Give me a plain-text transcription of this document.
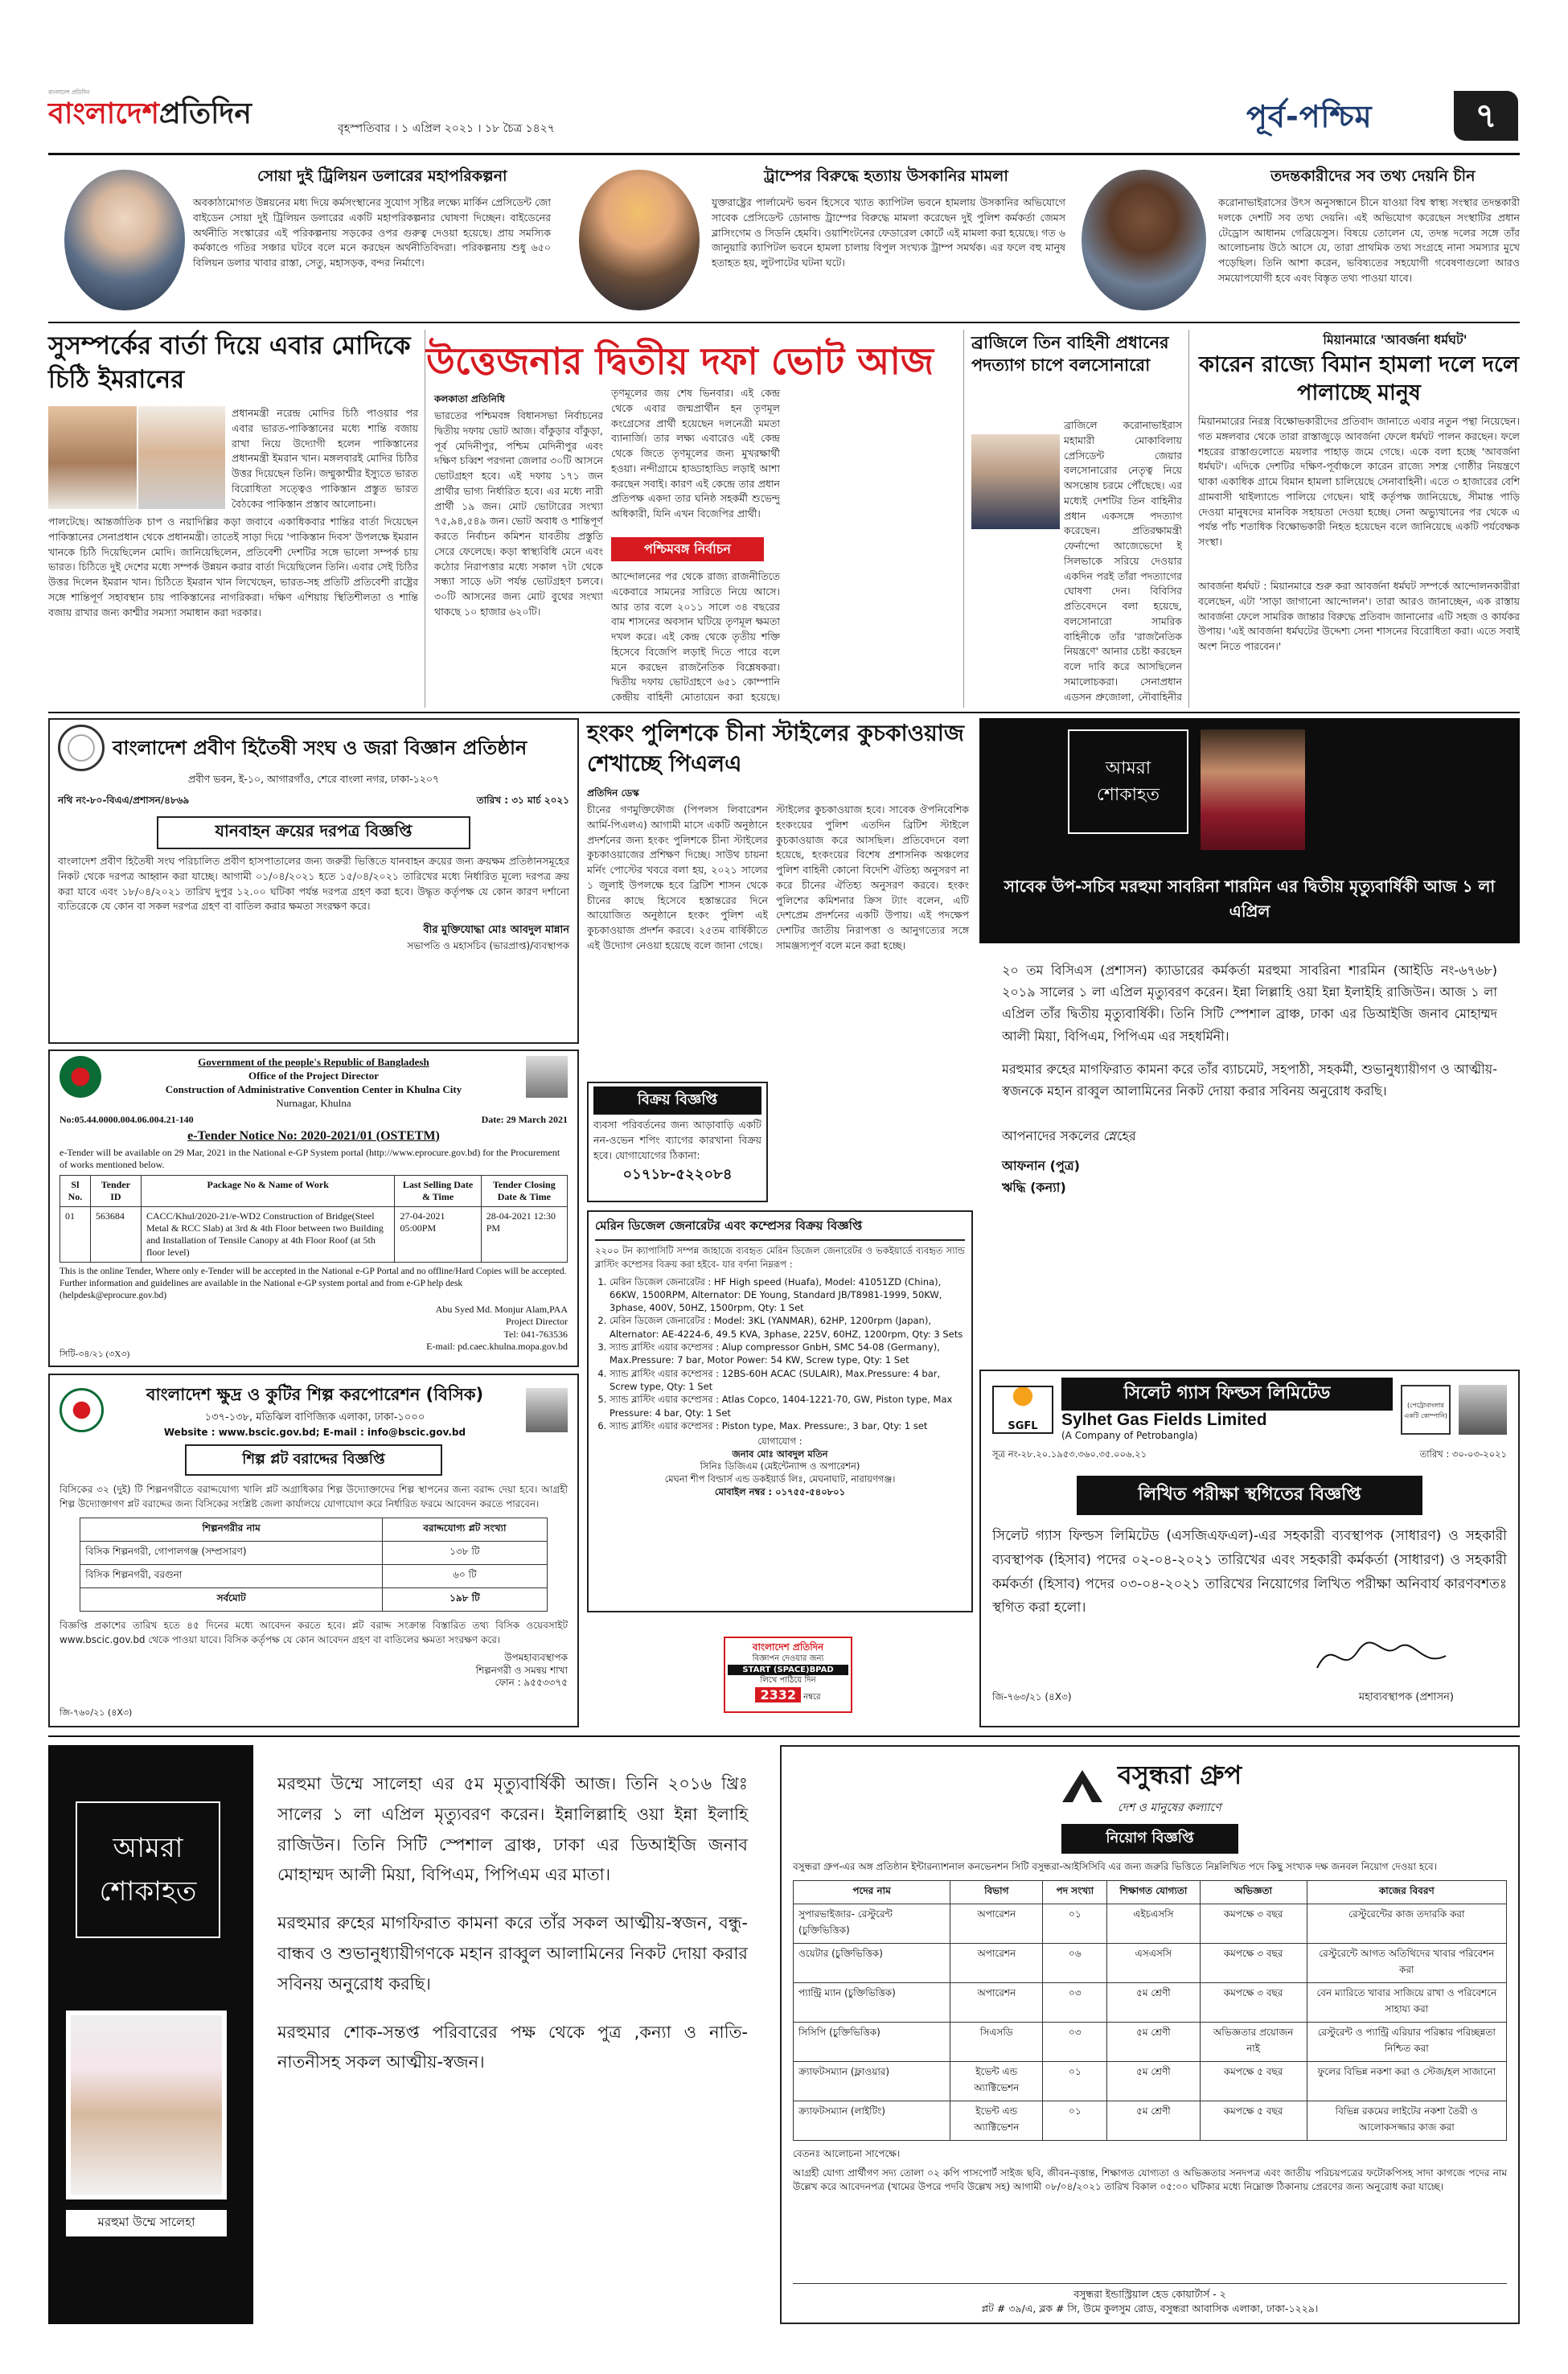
বাংলাদেশ প্রতিদিন
বাংলাদেশপ্রতিদিন	বৃহস্পতিবার । ১ এপ্রিল ২০২১ । ১৮ চৈত্র ১৪২৭	পূর্ব-পশ্চিম	৭
সোয়া দুই ট্রিলিয়ন ডলারের মহাপরিকল্পনা
অবকাঠামোগত উন্নয়নের মধ্য দিয়ে কর্মসংস্থানের সুযোগ সৃষ্টির লক্ষ্যে মার্কিন প্রেসিডেন্ট জো বাইডেন সোয়া দুই ট্রিলিয়ন ডলারের একটি মহাপরিকল্পনার ঘোষণা দিচ্ছেন। বাইডেনের অর্থনীতি সংস্কারের এই পরিকল্পনায় সড়কের ওপর গুরুত্ব দেওয়া হয়েছে। প্রায় সমস্যিক কর্মকাণ্ডে গতির সঞ্চার ঘটবে বলে মনে করছেন অর্থনীতিবিদরা। পরিকল্পনায় শুধু ৬৫০ বিলিয়ন ডলার খাবার রাস্তা, সেতু, মহাসড়ক, বন্দর নির্মাণে।
ট্রাম্পের বিরুদ্ধে হত্যায় উসকানির মামলা
যুক্তরাষ্ট্রের পার্লামেন্ট ভবন হিসেবে খ্যাত ক্যাপিটল ভবনে হামলায় উসকানির অভিযোগে সাবেক প্রেসিডেন্ট ডোনাল্ড ট্রাম্পের বিরুদ্ধে মামলা করেছেন দুই পুলিশ কর্মকর্তা জেমস ব্লাসিংগেম ও সিডনি হেমবি। ওয়াশিংটনের ফেডারেল কোর্টে এই মামলা করা হয়েছে। গত ৬ জানুয়ারি ক্যাপিটল ভবনে হামলা চালায় বিপুল সংখ্যক ট্রাম্প সমর্থক। এর ফলে বহু মানুষ হতাহত হয়, লুটপাটের ঘটনা ঘটে।
তদন্তকারীদের সব তথ্য দেয়নি চীন
করোনাভাইরাসের উৎস অনুসন্ধানে চীনে যাওয়া বিশ্ব স্বাস্থ্য সংস্থার তদন্তকারী দলকে দেশটি সব তথ্য দেয়নি। এই অভিযোগ করেছেন সংস্থাটির প্রধান টেড্রোস আধানম গেব্রিয়েসুস। বিষয়ে তোলেন যে, তদন্ত দলের সঙ্গে তাঁর আলোচনায় উঠে আসে যে, তারা প্রাথমিক তথ্য সংগ্রহে নানা সমস্যার মুখে পড়েছিল। তিনি আশা করেন, ভবিষ্যতের সহযোগী গবেষণাগুলো আরও সময়োপযোগী হবে এবং বিস্তৃত তথ্য পাওয়া যাবে।
সুসম্পর্কের বার্তা দিয়ে এবার মোদিকে চিঠি ইমরানের
প্রধানমন্ত্রী নরেন্দ্র মোদির চিঠি পাওয়ার পর এবার ভারত-পাকিস্তানের মধ্যে শান্তি বজায় রাখা নিয়ে উদ্যোগী হলেন পাকিস্তানের প্রধানমন্ত্রী ইমরান খান। মঙ্গলবারই মোদির চিঠির উত্তর দিয়েছেন তিনি। জম্মুকাশ্মীর ইস্যুতে ভারত বিরোধিতা সত্ত্বেও পাকিস্তান প্রস্তুত ভারত বৈঠকের পাকিস্তান প্রস্তাব আলোচনা।
পালটেছে। আন্তর্জাতিক চাপ ও নয়াদিল্লির কড়া জবাবে একাধিকবার শান্তির বার্তা দিয়েছেন পাকিস্তানের সেনাপ্রধান থেকে প্রধানমন্ত্রী। তাতেই সাড়া দিয়ে 'পাকিস্তান দিবস' উপলক্ষে ইমরান খানকে চিঠি দিয়েছিলেন মোদি। জানিয়েছিলেন, প্রতিবেশী দেশটির সঙ্গে ভালো সম্পর্ক চায় ভারত। চিঠিতে দুই দেশের মধ্যে সম্পর্ক উন্নয়ন করার বার্তা দিয়েছিলেন তিনি। এবার সেই চিঠির উত্তর দিলেন ইমরান খান। চিঠিতে ইমরান খান লিখেছেন, ভারত-সহ প্রতিটি প্রতিবেশী রাষ্ট্রের সঙ্গে শান্তিপূর্ণ সহাবস্থান চায় পাকিস্তানের নাগরিকরা। দক্ষিণ এশিয়ায় স্থিতিশীলতা ও শান্তি বজায় রাখার জন্য কাশ্মীর সমস্যা সমাধান করা দরকার।
উত্তেজনার দ্বিতীয় দফা ভোট আজ
কলকাতা প্রতিনিধি
ভারতের পশ্চিমবঙ্গ বিধানসভা নির্বাচনের দ্বিতীয় দফায় ভোট আজ। বাঁকুড়ার বাঁকুড়া, পূর্ব মেদিনীপুর, পশ্চিম মেদিনীপুর এবং দক্ষিণ চব্বিশ পরগনা জেলার ৩০টি আসনে ভোটগ্রহণ হবে। এই দফায় ১৭১ জন প্রার্থীর ভাগ্য নির্ধারিত হবে। এর মধ্যে নারী প্রার্থী ১৯ জন। মোট ভোটারের সংখ্যা ৭৫,৯৪,৫৪৯ জন। ভোট অবাধ ও শান্তিপূর্ণ করতে নির্বাচন কমিশন যাবতীয় প্রস্তুতি সেরে ফেলেছে। কড়া স্বাস্থ্যবিধি মেনে এবং কঠোর নিরাপত্তার মধ্যে সকাল ৭টা থেকে সন্ধ্যা সাড়ে ৬টা পর্যন্ত ভোটগ্রহণ চলবে। ৩০টি আসনের জন্য মোট বুথের সংখ্যা থাকছে ১০ হাজার ৬২০টি।
তৃণমূলের জয় শেষ ভিনবার। এই কেন্দ্র থেকে এবার জন্মপ্রার্থীন হন তৃণমূল কংগ্রেসের প্রার্থী হয়েছেন দলনেত্রী মমতা ব্যানার্জি। তার লক্ষ্য এবারেও এই কেন্দ্র থেকে জিতে তৃণমূলের জন্য মুখরক্ষার্থী হওয়া। নন্দীগ্রামে হাড্ডাহাড্ডি লড়াই আশা করছেন সবাই। কারণ এই কেন্দ্রে তার প্রধান প্রতিপক্ষ একদা তার ঘনিষ্ঠ সহকর্মী শুভেন্দু অধিকারী, যিনি এখন বিজেপির প্রার্থী।
পশ্চিমবঙ্গ নির্বাচন
আন্দোলনের পর থেকে রাজ্য রাজনীতিতে একেবারে সামনের সারিতে নিয়ে আসে। আর তার বলে ২০১১ সালে ৩৪ বছরের বাম শাসনের অবসান ঘটিয়ে তৃণমূল ক্ষমতা দখল করে। এই কেন্দ্র থেকে তৃতীয় শক্তি হিসেবে বিজেপি লড়াই দিতে পারে বলে মনে করছেন রাজনৈতিক বিশ্লেষকরা। দ্বিতীয় দফায় ভোটগ্রহণে ৬৫১ কোম্পানি কেন্দ্রীয় বাহিনী মোতায়েন করা হয়েছে।
ব্রাজিলে তিন বাহিনী প্রধানের পদত্যাগ চাপে বলসোনারো
ব্রাজিলে করোনাভাইরাস মহামারী মোকাবিলায় প্রেসিডেন্ট জেয়ার বলসোনারোর নেতৃত্ব নিয়ে অসন্তোষ চরমে পৌঁছেছে। এর মধ্যেই দেশটির তিন বাহিনীর প্রধান একসঙ্গে পদত্যাগ করেছেন। প্রতিরক্ষামন্ত্রী ফের্নান্দো আজেভেদো ই সিলভাকে সরিয়ে দেওয়ার একদিন পরই তাঁরা পদত্যাগের ঘোষণা দেন। বিবিসির প্রতিবেদনে বলা হয়েছে, বলসোনারো সামরিক বাহিনীকে তাঁর 'রাজনৈতিক নিয়ন্ত্রণে' আনার চেষ্টা করছেন বলে দাবি করে আসছিলেন সমালোচকরা। সেনাপ্রধান এডসন প্রুজোলা, নৌবাহিনীর
মিয়ানমারে 'আবর্জনা ধর্মঘট'
কারেন রাজ্যে বিমান হামলা দলে দলে পালাচ্ছে মানুষ
মিয়ানমারের নিরস্ত্র বিক্ষোভকারীদের প্রতিবাদ জানাতে এবার নতুন পন্থা নিয়েছেন। গত মঙ্গলবার থেকে তারা রাস্তাজুড়ে আবর্জনা ফেলে ধর্মঘট পালন করছেন। ফলে শহরের রাস্তাগুলোতে ময়লার পাহাড় জমে গেছে। একে বলা হচ্ছে 'আবর্জনা ধর্মঘট'। এদিকে দেশটির দক্ষিণ-পূর্বাঞ্চলে কারেন রাজ্যে সশস্ত্র গোষ্ঠীর নিয়ন্ত্রণে থাকা একাধিক গ্রামে বিমান হামলা চালিয়েছে সেনাবাহিনী। এতে ৩ হাজারের বেশি গ্রামবাসী থাইল্যান্ডে পালিয়ে গেছেন। থাই কর্তৃপক্ষ জানিয়েছে, সীমান্ত পাড়ি দেওয়া মানুষদের মানবিক সহায়তা দেওয়া হচ্ছে। সেনা অভ্যুত্থানের পর থেকে এ পর্যন্ত পাঁচ শতাধিক বিক্ষোভকারী নিহত হয়েছেন বলে জানিয়েছে একটি পর্যবেক্ষক সংস্থা।
আবর্জনা ধর্মঘট : মিয়ানমারে শুরু করা আবর্জনা ধর্মঘট সম্পর্কে আন্দোলনকারীরা বলেছেন, এটা 'সাড়া জাগানো আন্দোলন'। তারা আরও জানাচ্ছেন, এক রাস্তায় আবর্জনা ফেলে সামরিক জান্তার বিরুদ্ধে প্রতিবাদ জানানোর এটি সহজ ও কার্যকর উপায়। 'এই আবর্জনা ধর্মঘটের উদ্দেশ্য সেনা শাসনের বিরোধিতা করা। এতে সবাই অংশ নিতে পারবেন।'
বাংলাদেশ প্রবীণ হিতৈষী সংঘ ও জরা বিজ্ঞান প্রতিষ্ঠান
প্রবীণ ভবন, ই-১০, আগারগাঁও, শেরে বাংলা নগর, ঢাকা-১২০৭
নথি নং-৮০-বিএএ/প্রশাসন/৪৮৬৯	তারিখ : ৩১ মার্চ ২০২১
যানবাহন ক্রয়ের দরপত্র বিজ্ঞপ্তি
বাংলাদেশ প্রবীণ হিতৈষী সংঘ পরিচালিত প্রবীণ হাসপাতালের জন্য জরুরী ভিত্তিতে যানবাহন ক্রয়ের জন্য ক্রয়ক্ষম প্রতিষ্ঠানসমূহের নিকট থেকে দরপত্র আহ্বান করা যাচ্ছে। আগামী ০১/০৪/২০২১ হতে ১৫/০৪/২০২১ তারিখের মধ্যে নির্ধারিত মূল্যে দরপত্র ক্রয় করা যাবে এবং ১৮/০৪/২০২১ তারিখ দুপুর ১২.০০ ঘটিকা পর্যন্ত দরপত্র গ্রহণ করা হবে। উদ্ধৃত কর্তৃপক্ষ যে কোন কারণ দর্শানো ব্যতিরেকে যে কোন বা সকল দরপত্র গ্রহণ বা বাতিল করার ক্ষমতা সংরক্ষণ করে।
বীর মুক্তিযোদ্ধা মোঃ আবদুল মান্নান
সভাপতি ও মহাসচিব (ভারপ্রাপ্ত)/ব্যবস্থাপক
Government of the people's Republic of Bangladesh
Office of the Project Director
Construction of Administrative Convention Center in Khulna City
Nurnagar, Khulna
No:05.44.0000.004.06.004.21-140	Date: 29 March 2021
e-Tender Notice No: 2020-2021/01 (OSTETM)
e-Tender will be available on 29 Mar, 2021 in the National e-GP System portal (http://www.eprocure.gov.bd) for the Procurement of works mentioned below.
Sl No.	Tender ID	Package No & Name of Work	Last Selling Date & Time	Tender Closing Date & Time
01	563684	CACC/Khul/2020-21/e-WD2 Construction of Bridge(Steel Metal & RCC Slab) at 3rd & 4th Floor between two Building and Installation of Tensile Canopy at 4th Floor Roof (at 5th floor level)	27-04-2021 05:00PM	28-04-2021 12:30 PM
This is the online Tender, Where only e-Tender will be accepted in the National e-GP Portal and no offline/Hard Copies will be accepted. Further information and guidelines are available in the National e-GP system portal and from e-GP help desk (helpdesk@eprocure.gov.bd)
Abu Syed Md. Monjur Alam,PAA
Project Director
Tel: 041-763536
E-mail: pd.caec.khulna.mopa.gov.bd
সিটি-৩৪/২১ (৩X৩)
বাংলাদেশ ক্ষুদ্র ও কুটির শিল্প করপোরেশন (বিসিক)
১৩৭-১৩৮, মতিঝিল বাণিজ্যিক এলাকা, ঢাকা-১০০০
Website : www.bscic.gov.bd; E-mail : info@bscic.gov.bd
শিল্প প্লট বরাদ্দের বিজ্ঞপ্তি
বিসিকের ৩২ (দুই) টি শিল্পনগরীতে বরাদ্দযোগ্য খালি প্লট অগ্রাধিকার শিল্প উদ্যোক্তাদের শিল্প স্থাপনের জন্য বরাদ্দ দেয়া হবে। আগ্রহী শিল্প উদ্যোক্তাগণ প্লট বরাদ্দের জন্য বিসিকের সংশ্লিষ্ট জেলা কার্যালয়ে যোগাযোগ করে নির্ধারিত ফরমে আবেদন করতে পারবেন।
শিল্পনগরীর নাম	বরাদ্দযোগ্য প্লট সংখ্যা
বিসিক শিল্পনগরী, গোপালগঞ্জ (সম্প্রসারণ)	১৩৮ টি
বিসিক শিল্পনগরী, বরগুনা	৬০ টি
সর্বমোট	১৯৮ টি
বিজ্ঞপ্তি প্রকাশের তারিখ হতে ৪৫ দিনের মধ্যে আবেদন করতে হবে। প্লট বরাদ্দ সংক্রান্ত বিস্তারিত তথ্য বিসিক ওয়েবসাইট www.bscic.gov.bd থেকে পাওয়া যাবে। বিসিক কর্তৃপক্ষ যে কোন আবেদন গ্রহণ বা বাতিলের ক্ষমতা সংরক্ষণ করে।
উপমহাব্যবস্থাপক
শিল্পনগরী ও সমন্বয় শাখা
ফোন : ৯৫৫৩৩৭৫
জি-৭৬০/২১ (৪X৩)
হংকং পুলিশকে চীনা স্টাইলের কুচকাওয়াজ শেখাচ্ছে পিএলএ
প্রতিদিন ডেস্ক
চীনের গণমুক্তিফৌজ (পিপলস লিবারেশন আর্মি-পিএলএ) আগামী মাসে একটি অনুষ্ঠানে প্রদর্শনের জন্য হংকং পুলিশকে চীনা স্টাইলের কুচকাওয়াজের প্রশিক্ষণ দিচ্ছে। সাউথ চায়না মর্নিং পোস্টের খবরে বলা হয়, ২০২১ সালের ১ জুলাই উপলক্ষে হবে ব্রিটিশ শাসন থেকে চীনের কাছে হিসেবে হস্তান্তরের দিনে আয়োজিত অনুষ্ঠানে হংকং পুলিশ এই কুচকাওয়াজ প্রদর্শন করবে। ২৫তম বার্ষিকীতে এই উদ্যোগ নেওয়া হয়েছে বলে জানা গেছে।
স্টাইলের কুচকাওয়াজ হবে। সাবেক ঔপনিবেশিক হংকংয়ের পুলিশ এতদিন ব্রিটিশ স্টাইলে কুচকাওয়াজ করে আসছিল। প্রতিবেদনে বলা হয়েছে, হংকংয়ের বিশেষ প্রশাসনিক অঞ্চলের পুলিশ বাহিনী কোনো বিদেশি ঐতিহ্য অনুসরণ না করে চীনের ঐতিহ্য অনুসরণ করবে। হংকং পুলিশের কমিশনার ক্রিস ট্যাং বলেন, এটি দেশপ্রেম প্রদর্শনের একটি উপায়। এই পদক্ষেপ দেশটির জাতীয় নিরাপত্তা ও আনুগত্যের সঙ্গে সামঞ্জস্যপূর্ণ বলে মনে করা হচ্ছে।
বিক্রয় বিজ্ঞপ্তি
ব্যবসা পরিবর্তনের জন্য আড়াবাড়ি একটি নন-ওভেন শপিং ব্যাগের কারখানা বিক্রয় হবে। যোগাযোগের ঠিকানা:
০১৭১৮-৫২২০৮৪
মেরিন ডিজেল জেনারেটর এবং কম্প্রেসর বিক্রয় বিজ্ঞপ্তি
২২০০ টন ক্যাপাসিটি সম্পন্ন জাহাজে ব্যবহৃত মেরিন ডিজেল জেনারেটর ও ভকইয়ার্ডে ব্যবহৃত স্যান্ড ব্লাস্টিং কম্প্রেসর বিক্রয় করা হইবে- যার বর্ণনা নিম্নরূপ :
1. মেরিন ডিজেল জেনারেটর : HF High speed (Huafa), Model: 41051ZD (China), 66KW, 1500RPM, Alternator: DE Young, Standard JB/T8981-1999, 50KW, 3phase, 400V, 50HZ, 1500rpm, Qty: 1 Set
2. মেরিন ডিজেল জেনারেটর : Model: 3KL (YANMAR), 62HP, 1200rpm (Japan), Alternator: AE-4224-6, 49.5 KVA, 3phase, 225V, 60HZ, 1200rpm, Qty: 3 Sets
3. স্যান্ড ব্লাস্টিং এয়ার কম্প্রেসর : Alup compressor GnbH, SMC 54-08 (Germany), Max.Pressure: 7 bar, Motor Power: 54 KW, Screw type, Qty: 1 Set
4. স্যান্ড ব্লাস্টিং এয়ার কম্প্রেসর : 12BS-60H ACAC (SULAIR), Max.Pressure: 4 bar, Screw type, Qty: 1 Set
5. স্যান্ড ব্লাস্টিং এয়ার কম্প্রেসর : Atlas Copco, 1404-1221-70, GW, Piston type, Max Pressure: 4 bar, Qty: 1 Set
6. স্যান্ড ব্লাস্টিং এয়ার কম্প্রেসর : Piston type, Max. Pressure:, 3 bar, Qty: 1 set
যোগাযোগ :
জনাব মোঃ আবদুল মতিন
সিনিঃ ডিজিএম (মেইন্টেন্যান্স ও অপারেশন)
মেঘনা শীপ বিল্ডার্স এন্ড ডকইয়ার্ড লিঃ, মেঘনাঘাট, নারায়ণগঞ্জ।
মোবাইল নম্বর : ০১৭৫৫-৫৪০৮০১
বাংলাদেশ প্রতিদিন
বিজ্ঞাপন দেওয়ার জন্য
START (SPACE)BPAD
লিখে পাঠিয়ে দিন
2332 নম্বরে
আমরা
শোকাহত
সাবেক উপ-সচিব মরহুমা সাবরিনা শারমিন এর দ্বিতীয় মৃত্যুবার্ষিকী আজ ১ লা এপ্রিল
২০ তম বিসিএস (প্রশাসন) ক্যাডারের কর্মকর্তা মরহুমা সাবরিনা শারমিন (আইডি নং-৬৭৬৮) ২০১৯ সালের ১ লা এপ্রিল মৃত্যুবরণ করেন। ইন্না লিল্লাহি ওয়া ইন্না ইলাইহি রাজিউন। আজ ১ লা এপ্রিল তাঁর দ্বিতীয় মৃত্যুবার্ষিকী। তিনি সিটি স্পেশাল ব্রাঞ্চ, ঢাকা এর ডিআইজি জনাব মোহাম্মদ আলী মিয়া, বিপিএম, পিপিএম এর সহধর্মিনী।
মরহুমার রুহের মাগফিরাত কামনা করে তাঁর ব্যাচমেট, সহপাঠী, সহকর্মী, শুভানুধ্যায়ীগণ ও আত্মীয়-স্বজনকে মহান রাব্বুল আলামিনের নিকট দোয়া করার সবিনয় অনুরোধ করছি।
আপনাদের সকলের স্নেহের
আফনান (পুত্র)
ঋদ্ধি (কন্যা)
SGFL
সিলেট গ্যাস ফিল্ডস লিমিটেড
Sylhet Gas Fields Limited
(A Company of Petrobangla)
(পেট্রোবাংলার একটি কোম্পানি)
সূত্র নং-২৮.২০.১৯৫৩.৩৬০.৩৫.০০৬.২১	তারিখ : ৩০-০৩-২০২১
লিখিত পরীক্ষা স্থগিতের বিজ্ঞপ্তি
সিলেট গ্যাস ফিল্ডস লিমিটেড (এসজিএফএল)-এর সহকারী ব্যবস্থাপক (সাধারণ) ও সহকারী ব্যবস্থাপক (হিসাব) পদের ০২-০৪-২০২১ তারিখের এবং সহকারী কর্মকর্তা (সাধারণ) ও সহকারী কর্মকর্তা (হিসাব) পদের ০৩-০৪-২০২১ তারিখের নিয়োগের লিখিত পরীক্ষা অনিবার্য কারণবশতঃ স্থগিত করা হলো।
মহাব্যবস্থাপক (প্রশাসন)
জি-৭৬৩/২১ (৪X৩)
আমরা
শোকাহত
মরহুমা উম্মে সালেহা
মরহুমা উম্মে সালেহা এর ৫ম মৃত্যুবার্ষিকী আজ। তিনি ২০১৬ খ্রিঃ সালের ১ লা এপ্রিল মৃত্যুবরণ করেন। ইন্নালিল্লাহি ওয়া ইন্না ইলাহি রাজিউন। তিনি সিটি স্পেশাল ব্রাঞ্চ, ঢাকা এর ডিআইজি জনাব মোহাম্মদ আলী মিয়া, বিপিএম, পিপিএম এর মাতা।
মরহুমার রুহের মাগফিরাত কামনা করে তাঁর সকল আত্মীয়-স্বজন, বন্ধু-বান্ধব ও শুভানুধ্যায়ীগণকে মহান রাব্বুল আলামিনের নিকট দোয়া করার সবিনয় অনুরোধ করছি।
মরহুমার শোক-সন্তপ্ত পরিবারের পক্ষ থেকে পুত্র ,কন্যা ও নাতি-নাতনীসহ সকল আত্মীয়-স্বজন।
বসুন্ধরা গ্রুপ
দেশ ও মানুষের কল্যাণে
নিয়োগ বিজ্ঞপ্তি
বসুন্ধরা গ্রুপ-এর অঙ্গ প্রতিষ্ঠান ইন্টারন্যাশনাল কনভেনশন সিটি বসুন্ধরা-আইসিসিবি এর জন্য জরুরি ভিত্তিতে নিম্নলিখিত পদে কিছু সংখ্যক দক্ষ জনবল নিয়োগ দেওয়া হবে।
পদের নাম	বিভাগ	পদ সংখ্যা	শিক্ষাগত যোগ্যতা	অভিজ্ঞতা	কাজের বিবরণ
সুপারভাইজার- রেস্টুরেন্ট (চুক্তিভিত্তিক)	অপারেশন	০১	এইচএসসি	কমপক্ষে ৩ বছর	রেস্টুরেন্টের কাজ তদারকি করা
ওয়েটার (চুক্তিভিত্তিক)	অপারেশন	০৬	এসএসসি	কমপক্ষে ৩ বছর	রেস্টুরেন্টে আগত অতিথিদের খাবার পরিবেশন করা
প্যান্ট্রি ম্যান (চুক্তিভিত্তিক)	অপারেশন	০৩	৫ম শ্রেণী	কমপক্ষে ৩ বছর	বেন ম্যারিতে খাবার সাজিয়ে রাখা ও পরিবেশনে সাহায্য করা
সিসিপি (চুক্তিভিত্তিক)	সিএসডি	০৩	৫ম শ্রেণী	অভিজ্ঞতার প্রয়োজন নাই	রেস্টুরেন্ট ও প্যান্ট্রি এরিয়ার পরিষ্কার পরিচ্ছন্নতা নিশ্চিত করা
ক্র্যাফটসম্যান (ফ্লাওয়ার)	ইভেন্ট এন্ড অ্যাক্টিভেশন	০১	৫ম শ্রেণী	কমপক্ষে ৫ বছর	ফুলের বিভিন্ন নকশা করা ও স্টেজ/হল সাজানো
ক্র্যাফটসম্যান (লাইটিং)	ইভেন্ট এন্ড অ্যাক্টিভেশন	০১	৫ম শ্রেণী	কমপক্ষে ৫ বছর	বিভিন্ন রকমের লাইটের নকশা তৈরী ও আলোকসজ্জার কাজ করা
বেতনঃ আলোচনা সাপেক্ষে।
আগ্রহী যোগ্য প্রার্থীগণ সদ্য তোলা ০২ কপি পাসপোর্ট সাইজ ছবি, জীবন-বৃত্তান্ত, শিক্ষাগত যোগ্যতা ও অভিজ্ঞতার সনদপত্র এবং জাতীয় পরিচয়পত্রের ফটোকপিসহ সাদা কাগজে পদের নাম উল্লেখ করে আবেদনপত্র (খামের উপরে পদবি উল্লেখ সহ) আগামী ০৮/০৪/২০২১ তারিখ বিকাল ০৫:০০ ঘটিকার মধ্যে নিম্নোক্ত ঠিকানায় প্রেরণের জন্য অনুরোধ করা যাচ্ছে।
বসুন্ধরা ইন্ডাস্ট্রিয়াল হেড কোয়ার্টার্স - ২
প্লট # ৩৯/এ, ব্লক # সি, উমে কুলসুম রোড, বসুন্ধরা আবাসিক এলাকা, ঢাকা-১২২৯।
